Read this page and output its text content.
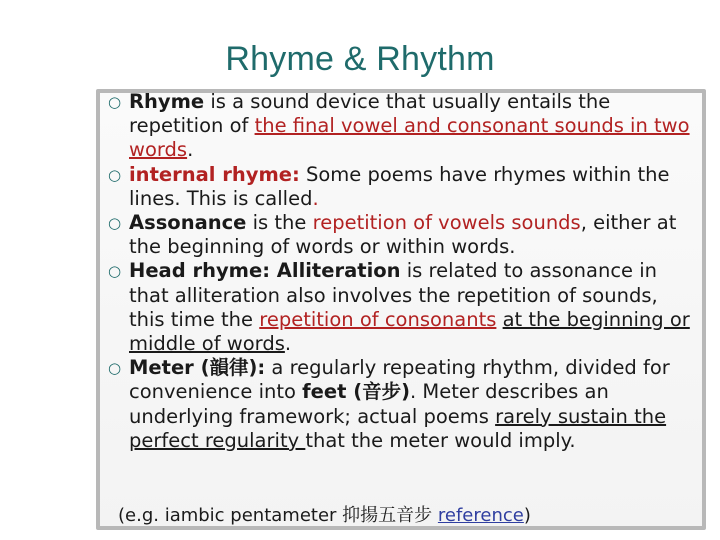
Rhyme & Rhythm
○ Rhyme is a sound device that usually entails the repetition of the final vowel and consonant sounds in two words.
○ internal rhyme: Some poems have rhymes within the lines. This is called.
○ Assonance is the repetition of vowels sounds, either at the beginning of words or within words.
○ Head rhyme: Alliteration is related to assonance in that alliteration also involves the repetition of sounds, this time the repetition of consonants at the beginning or middle of words.
○ Meter (韻律): a regularly repeating rhythm, divided for convenience into feet (音步). Meter describes an underlying framework; actual poems rarely sustain the perfect regularity that the meter would imply.
(e.g. iambic pentameter 抑揚五音步 reference)
